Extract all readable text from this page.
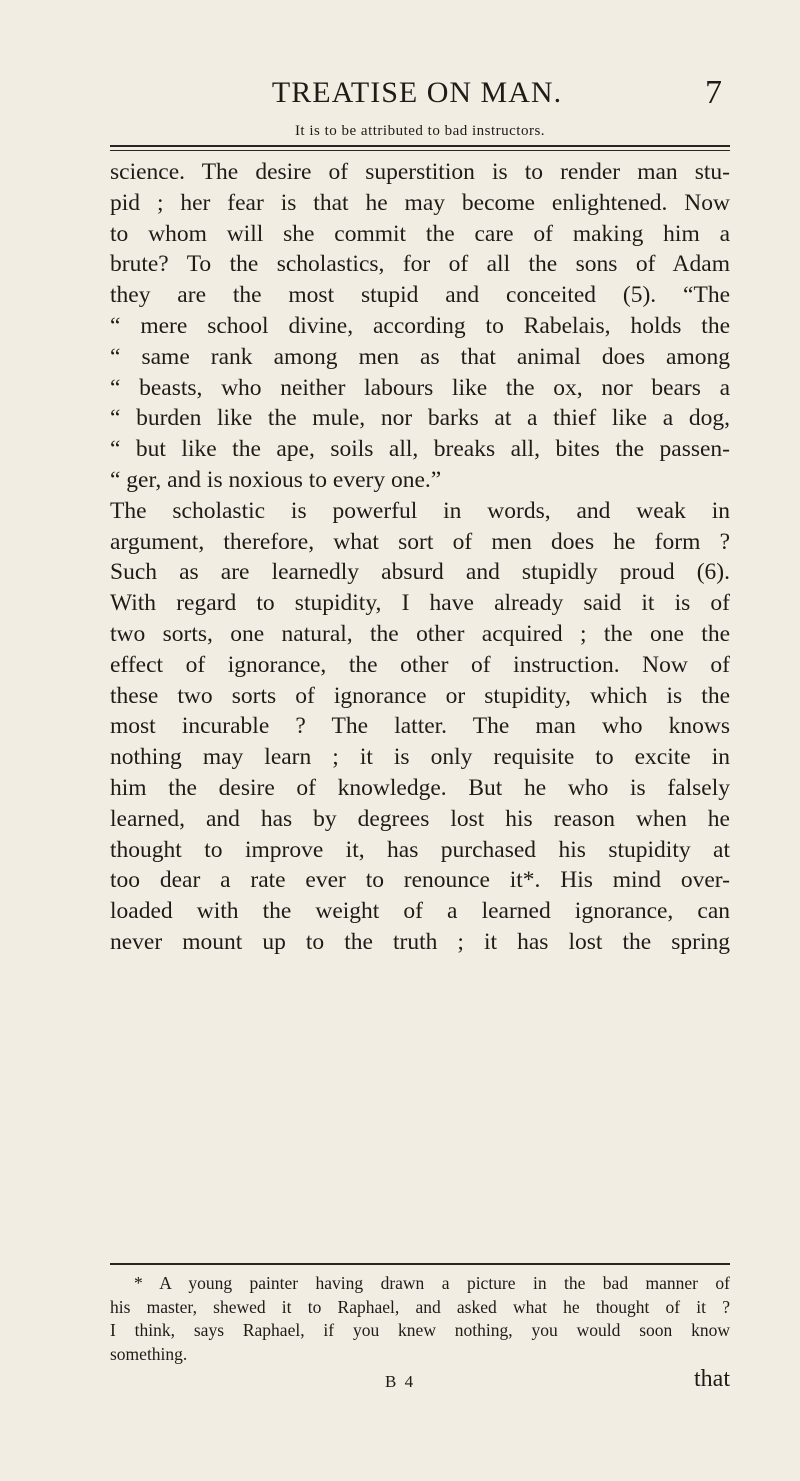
TREATISE ON MAN.	7
It is to be attributed to bad instructors.
science. The desire of superstition is to render man stu-
pid ; her fear is that he may become enlightened. Now
to whom will she commit the care of making him a
brute? To the scholastics, for of all the sons of Adam
they are the most stupid and conceited (5). “The
“ mere school divine, according to Rabelais, holds the
“ same rank among men as that animal does among
“ beasts, who neither labours like the ox, nor bears a
“ burden like the mule, nor barks at a thief like a dog,
“ but like the ape, soils all, breaks all, bites the passen-
“ ger, and is noxious to every one.”
The scholastic is powerful in words, and weak in
argument, therefore, what sort of men does he form ?
Such as are learnedly absurd and stupidly proud (6).
With regard to stupidity, I have already said it is of
two sorts, one natural, the other acquired ; the one the
effect of ignorance, the other of instruction. Now of
these two sorts of ignorance or stupidity, which is the
most incurable ? The latter. The man who knows
nothing may learn ; it is only requisite to excite in
him the desire of knowledge. But he who is falsely
learned, and has by degrees lost his reason when he
thought to improve it, has purchased his stupidity at
too dear a rate ever to renounce it*. His mind over-
loaded with the weight of a learned ignorance, can
never mount up to the truth ; it has lost the spring
* A young painter having drawn a picture in the bad manner of
his master, shewed it to Raphael, and asked what he thought of it ?
I think, says Raphael, if you knew nothing, you would soon know
something.
B 4	that
